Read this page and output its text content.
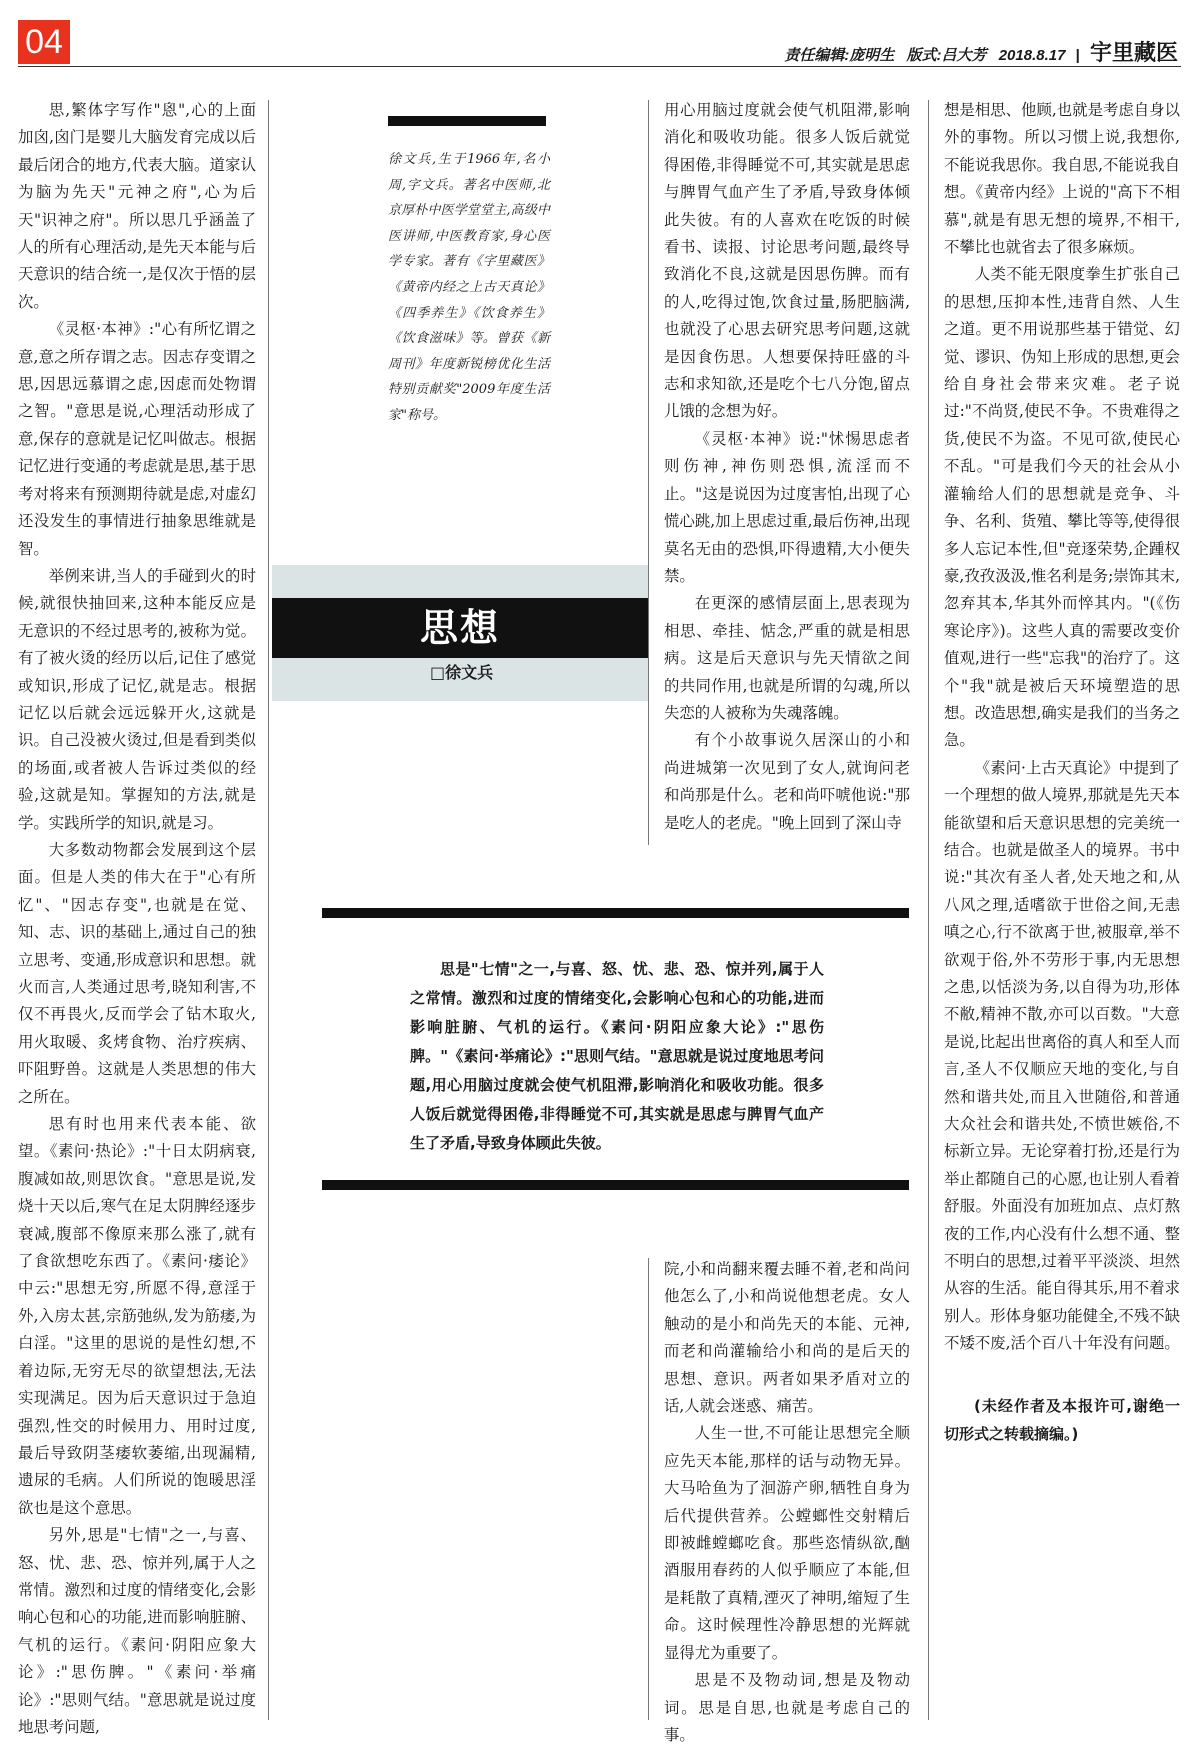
04	责任编辑:庞明生 版式:吕大芳 2018.8.17 | 宇里藏医

思,繁体字写作"恖",心的上面加囟,囟门是婴儿大脑发育完成以后最后闭合的地方,代表大脑。道家认为脑为先天"元神之府",心为后天"识神之府"。所以思几乎涵盖了人的所有心理活动,是先天本能与后天意识的结合统一,是仅次于悟的层次。

《灵枢·本神》:"心有所忆谓之意,意之所存谓之志。因志存变谓之思,因思远慕谓之虑,因虑而处物谓之智。"意思是说,心理活动形成了意,保存的意就是记忆叫做志。根据记忆进行变通的考虑就是思,基于思考对将来有预测期待就是虑,对虚幻还没发生的事情进行抽象思维就是智。

举例来讲,当人的手碰到火的时候,就很快抽回来,这种本能反应是无意识的不经过思考的,被称为觉。有了被火烫的经历以后,记住了感觉或知识,形成了记忆,就是志。根据记忆以后就会远远躲开火,这就是识。自己没被火烫过,但是看到类似的场面,或者被人告诉过类似的经验,这就是知。掌握知的方法,就是学。实践所学的知识,就是习。

大多数动物都会发展到这个层面。但是人类的伟大在于"心有所忆"、"因志存变",也就是在觉、知、志、识的基础上,通过自己的独立思考、变通,形成意识和思想。就火而言,人类通过思考,晓知利害,不仅不再畏火,反而学会了钻木取火,用火取暖、炙烤食物、治疗疾病、吓阻野兽。这就是人类思想的伟大之所在。

思有时也用来代表本能、欲望。《素问·热论》:"十日太阴病衰,腹减如故,则思饮食。"意思是说,发烧十天以后,寒气在足太阴脾经逐步衰减,腹部不像原来那么涨了,就有了食欲想吃东西了。《素问·痿论》中云:"思想无穷,所愿不得,意淫于外,入房太甚,宗筋弛纵,发为筋痿,为白淫。"这里的思说的是性幻想,不着边际,无穷无尽的欲望想法,无法实现满足。因为后天意识过于急迫强烈,性交的时候用力、用时过度,最后导致阴茎痿软萎缩,出现漏精,遗尿的毛病。人们所说的饱暖思淫欲也是这个意思。

另外,思是"七情"之一,与喜、怒、忧、悲、恐、惊并列,属于人之常情。激烈和过度的情绪变化,会影响心包和心的功能,进而影响脏腑、气机的运行。《素问·阴阳应象大论》:"思伤脾。"《素问·举痛论》:"思则气结。"意思就是说过度地思考问题,

徐文兵,生于1966年,名小周,字文兵。著名中医师,北京厚朴中医学堂堂主,高级中医讲师,中医教育家,身心医学专家。著有《字里藏医》《黄帝内经之上古天真论》《四季养生》《饮食养生》《饮食滋味》等。曾获《新周刊》年度新锐榜优化生活特别贡献奖"2009年度生活家"称号。
思想
□徐文兵

用心用脑过度就会使气机阻滞,影响消化和吸收功能。很多人饭后就觉得困倦,非得睡觉不可,其实就是思虑与脾胃气血产生了矛盾,导致身体倾此失彼。有的人喜欢在吃饭的时候看书、读报、讨论思考问题,最终导致消化不良,这就是因思伤脾。而有的人,吃得过饱,饮食过量,肠肥脑满,也就没了心思去研究思考问题,这就是因食伤思。人想要保持旺盛的斗志和求知欲,还是吃个七八分饱,留点儿饿的念想为好。

《灵枢·本神》说:"怵惕思虑者则伤神,神伤则恐惧,流淫而不止。"这是说因为过度害怕,出现了心慌心跳,加上思虑过重,最后伤神,出现莫名无由的恐惧,吓得遗精,大小便失禁。

在更深的感情层面上,思表现为相思、牵挂、惦念,严重的就是相思病。这是后天意识与先天情欲之间的共同作用,也就是所谓的勾魂,所以失恋的人被称为失魂落魄。

有个小故事说久居深山的小和尚进城第一次见到了女人,就询问老和尚那是什么。老和尚吓唬他说:"那是吃人的老虎。"晚上回到了深山寺

思是"七情"之一,与喜、怒、忧、悲、恐、惊并列,属于人之常情。激烈和过度的情绪变化,会影响心包和心的功能,进而影响脏腑、气机的运行。《素问·阴阳应象大论》:"思伤脾。"《素问·举痛论》:"思则气结。"意思就是说过度地思考问题,用心用脑过度就会使气机阻滞,影响消化和吸收功能。很多人饭后就觉得困倦,非得睡觉不可,其实就是思虑与脾胃气血产生了矛盾,导致身体顾此失彼。

院,小和尚翻来覆去睡不着,老和尚问他怎么了,小和尚说他想老虎。女人触动的是小和尚先天的本能、元神,而老和尚灌输给小和尚的是后天的思想、意识。两者如果矛盾对立的话,人就会迷惑、痛苦。

人生一世,不可能让思想完全顺应先天本能,那样的话与动物无异。大马哈鱼为了洄游产卵,牺牲自身为后代提供营养。公螳螂性交射精后即被雌螳螂吃食。那些恣情纵欲,酗酒服用春药的人似乎顺应了本能,但是耗散了真精,湮灭了神明,缩短了生命。这时候理性冷静思想的光辉就显得尤为重要了。

思是不及物动词,想是及物动词。思是自思,也就是考虑自己的事。

想是相思、他顾,也就是考虑自身以外的事物。所以习惯上说,我想你,不能说我思你。我自思,不能说我自想。《黄帝内经》上说的"高下不相慕",就是有思无想的境界,不相干,不攀比也就省去了很多麻烦。

人类不能无限度拳生扩张自己的思想,压抑本性,违背自然、人生之道。更不用说那些基于错觉、幻觉、谬识、伪知上形成的思想,更会给自身社会带来灾难。老子说过:"不尚贤,使民不争。不贵难得之货,使民不为盗。不见可欲,使民心不乱。"可是我们今天的社会从小灌输给人们的思想就是竞争、斗争、名利、货殖、攀比等等,使得很多人忘记本性,但"竞逐荣势,企踵权豪,孜孜汲汲,惟名利是务;崇饰其末,忽弃其本,华其外而悴其内。"(《伤寒论序》)。这些人真的需要改变价值观,进行一些"忘我"的治疗了。这个"我"就是被后天环境塑造的思想。改造思想,确实是我们的当务之急。

《素问·上古天真论》中提到了一个理想的做人境界,那就是先天本能欲望和后天意识思想的完美统一结合。也就是做圣人的境界。书中说:"其次有圣人者,处天地之和,从八风之理,适嗜欲于世俗之间,无恚嗔之心,行不欲离于世,被服章,举不欲观于俗,外不劳形于事,内无思想之患,以恬淡为务,以自得为功,形体不敝,精神不散,亦可以百数。"大意是说,比起出世离俗的真人和至人而言,圣人不仅顺应天地的变化,与自然和谐共处,而且入世随俗,和普通大众社会和谐共处,不愤世嫉俗,不标新立异。无论穿着打扮,还是行为举止都随自己的心愿,也让别人看着舒服。外面没有加班加点、点灯熬夜的工作,内心没有什么想不通、整不明白的思想,过着平平淡淡、坦然从容的生活。能自得其乐,用不着求别人。形体身躯功能健全,不残不缺不矮不废,活个百八十年没有问题。

(未经作者及本报许可,谢绝一切形式之转载摘编。)
